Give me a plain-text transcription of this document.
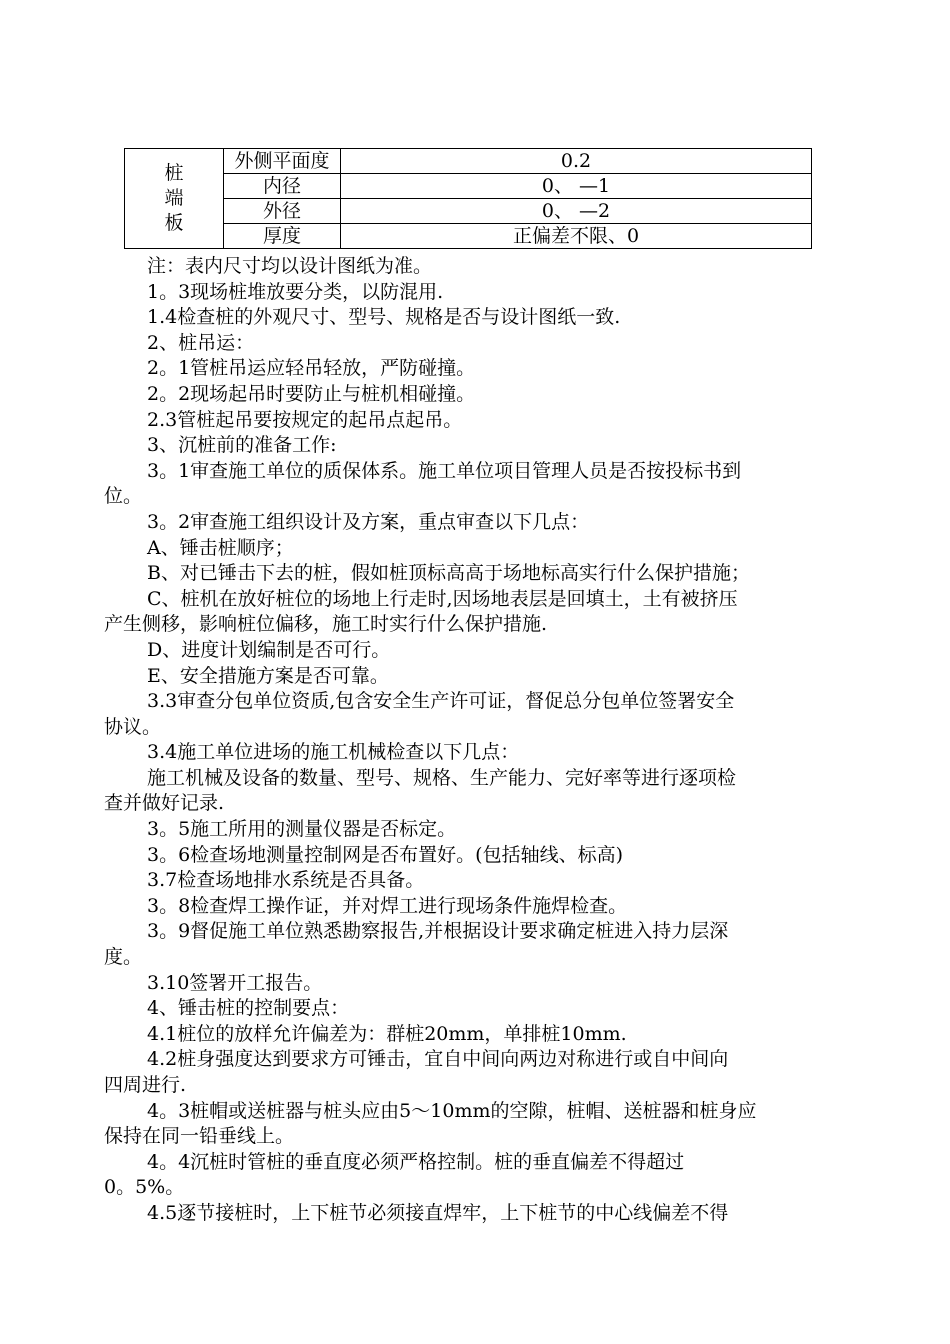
桩
端
板	外侧平面度	0.2
	内径	0、 —1
	外径	0、 —2
	厚度	正偏差不限、0
注：表内尺寸均以设计图纸为准。
1。3现场桩堆放要分类，以防混用.
1.4检查桩的外观尺寸、型号、规格是否与设计图纸一致.
2、桩吊运：
2。1管桩吊运应轻吊轻放，严防碰撞。
2。2现场起吊时要防止与桩机相碰撞。
2.3管桩起吊要按规定的起吊点起吊。
3、沉桩前的准备工作:
3。1审查施工单位的质保体系。施工单位项目管理人员是否按投标书到
位。
3。2审查施工组织设计及方案，重点审查以下几点：
A、锤击桩顺序；
B、对已锤击下去的桩，假如桩顶标高高于场地标高实行什么保护措施；
C、桩机在放好桩位的场地上行走时,因场地表层是回填土，土有被挤压
产生侧移，影响桩位偏移，施工时实行什么保护措施.
D、进度计划编制是否可行。
E、安全措施方案是否可靠。
3.3审查分包单位资质,包含安全生产许可证，督促总分包单位签署安全
协议。
3.4施工单位进场的施工机械检查以下几点：
施工机械及设备的数量、型号、规格、生产能力、完好率等进行逐项检
查并做好记录.
3。5施工所用的测量仪器是否标定。
3。6检查场地测量控制网是否布置好。(包括轴线、标高)
3.7检查场地排水系统是否具备。
3。8检查焊工操作证，并对焊工进行现场条件施焊检查。
3。9督促施工单位熟悉勘察报告,并根据设计要求确定桩进入持力层深
度。
3.10签署开工报告。
4、锤击桩的控制要点：
4.1桩位的放样允许偏差为：群桩20mm，单排桩10mm.
4.2桩身强度达到要求方可锤击，宜自中间向两边对称进行或自中间向
四周进行.
4。3桩帽或送桩器与桩头应由5～10mm的空隙，桩帽、送桩器和桩身应
保持在同一铅垂线上。
4。4沉桩时管桩的垂直度必须严格控制。桩的垂直偏差不得超过
0。5%。
4.5逐节接桩时，上下桩节必须接直焊牢，上下桩节的中心线偏差不得
